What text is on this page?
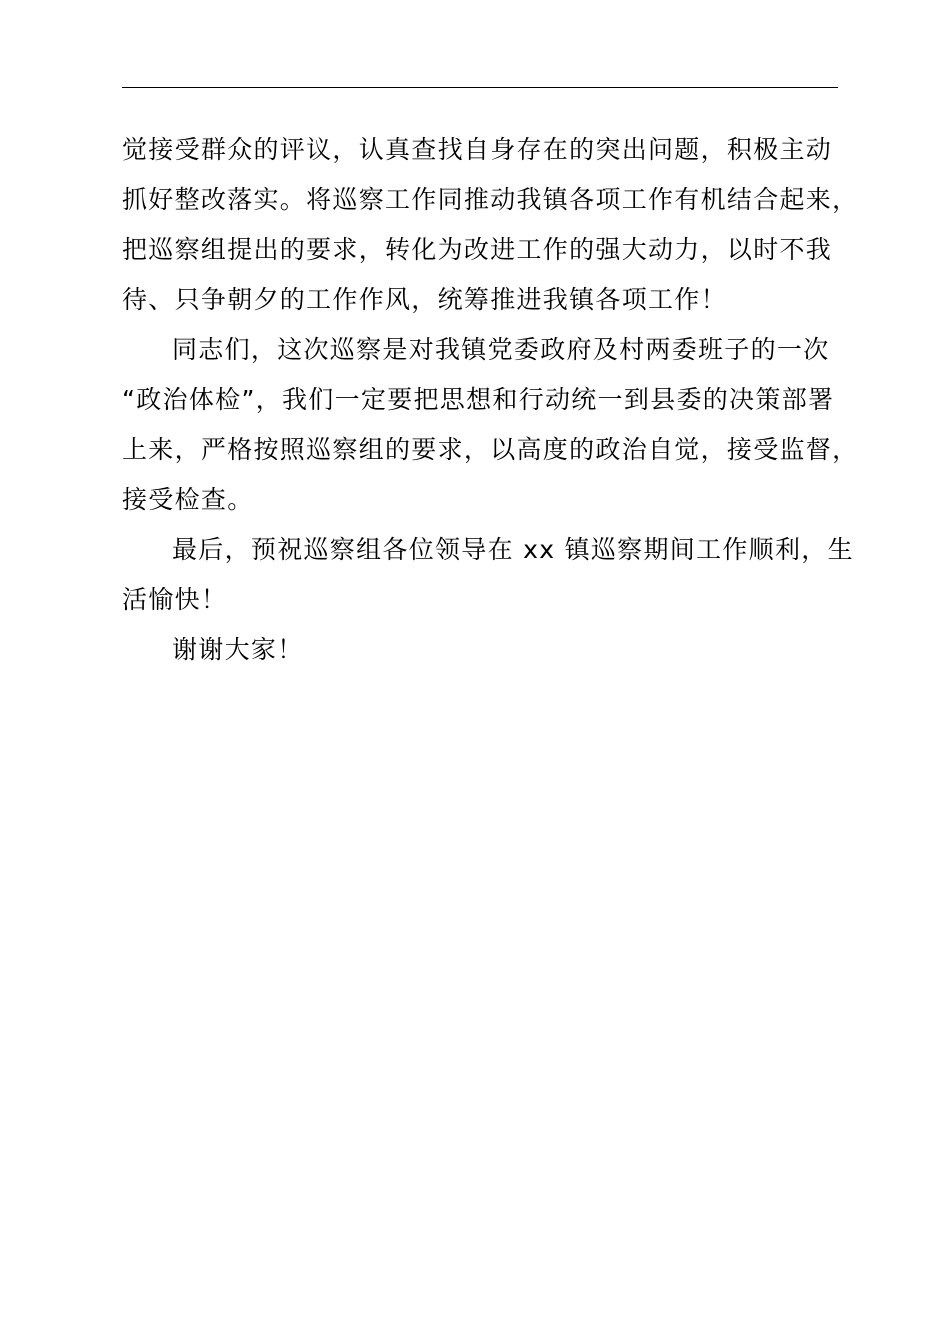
觉接受群众的评议，认真查找自身存在的突出问题，积极主动
抓好整改落实。将巡察工作同推动我镇各项工作有机结合起来，
把巡察组提出的要求，转化为改进工作的强大动力，以时不我
待、只争朝夕的工作作风，统筹推进我镇各项工作！
同志们，这次巡察是对我镇党委政府及村两委班子的一次
“政治体检”，我们一定要把思想和行动统一到县委的决策部署
上来，严格按照巡察组的要求，以高度的政治自觉，接受监督，
接受检查。
最后，预祝巡察组各位领导在 xx 镇巡察期间工作顺利，生
活愉快！
谢谢大家！
